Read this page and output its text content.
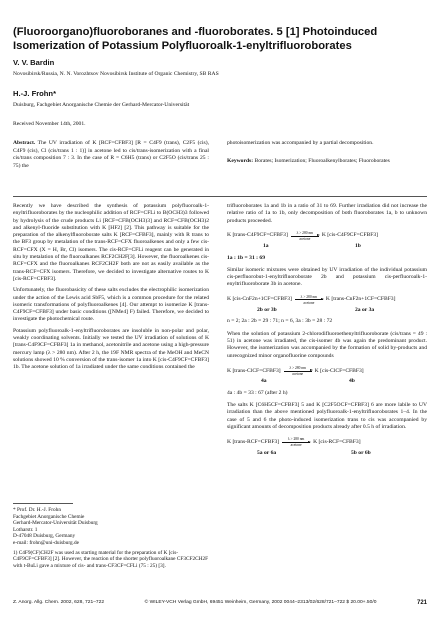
(Fluoroorgano)fluoroboranes and -fluoroborates. 5 [1] Photoinduced Isomerization of Potassium Polyfluoroalk-1-enyltrifluoroborates
V. V. Bardin
Novosibirsk/Russia, N. N. Vorozhtsov Novosibirsk Institute of Organic Chemistry, SB RAS
H.-J. Frohn*
Duisburg, Fachgebiet Anorganische Chemie der Gerhard-Mercator-Universität
Received November 14th, 2001.
Abstract. The UV irradiation of K [RCF=CFBF3] [R = C4F9 (trans), C2F5 (cis), C4F9 (cis), Cl (cis/trans 1 : 1)] in acetone led to cis/trans-isomerization with a final cis/trans composition 7 : 3. In the case of R = C6H5 (trans) or C2F5O (cis/trans 25 : 75) the
photoisomerization was accompanied by a partial decomposition.
Keywords: Borates; Isomerization; Fluoroalkenylborates; Fluoroborates

Recently we have described the synthesis of potassium polyfluoroalk-1-enyltrifluoroborates by the nucleophilic addition of RCF=CFLi to B(OCH3)3 followed by hydrolysis of the crude products Li [RCF=CFB(OCH3)3] and RCF=CFB(OCH3)2 and alkenyl-fluoride substitution with K [HF2] [2]. This pathway is suitable for the preparation of the alkenylfluoroborate salts K [RCF=CFBF3], mainly with R trans to the BF3 group by metalation of the trans-RCF=CFX fluoroalkenes and only a few cis-RCF=CFX (X = H, Br, Cl) isomers. The cis-RCF=CFLi reagent can be generated in situ by metalation of the fluoroalkanes RCF2CH2F[3]. However, the fluoroalkenes cis-RCF=CFX and the fluoroalkanes RCF2CH2F both are not as easily available as the trans-RCF=CFX isomers. Therefore, we decided to investigate alternative routes to K [cis-RCF=CFBF3].

Unfortunately, the fluorobasicity of these salts excludes the electrophilic isomerization under the action of the Lewis acid SbF5, which is a common procedure for the related isomeric transformations of polyfluoroalkenes [4]. Our attempt to isomerize K [trans-C4F9CF=CFBF3] under basic conditions ([NMe4] F) failed. Therefore, we decided to investigate the photochemical route.

Potassium polyfluoroalk-1-enyltrifluoroborates are insoluble in non-polar and polar, weakly coordinating solvents. Initially we tested the UV irradiation of solutions of K [trans-C4F9CF=CFBF3] 1a in methanol, acetonitrile and acetone using a high-pressure mercury lamp (λ > 280 nm). After 2 h, the 19F NMR spectra of the MeOH and MeCN solutions showed 10 % conversion of the trans-isomer 1a into K [cis-C4F9CF=CFBF3] 1b. The acetone solution of 1a irradiated under the same conditions contained the

* Prof. Dr. H.-J. Frohn
Fachgebiet Anorganische Chemie
Gerhard-Mercator-Universität Duisburg
Lotharstr. 1
D-47048 Duisburg, Germany
e-mail: frohn@uni-duisburg.de

1) C4F9(CF)CH2F was used as starting material for the preparation of K [cis-C4F9CF=CFBF3] [2]. However, the reaction of the shorter polyfluoroalkane CF3CF2CH2F with t-BuLi gave a mixture of cis- and trans-CF3CF=CFLi (75 : 25) [3].

trifluoroborates 1a and 1b in a ratio of 31 to 69. Further irradiation did not increase the relative ratio of 1a to 1b, only decomposition of both fluoroborates 1a, b to unknown products proceeded.

K [trans-C4F9CF=CFBF3] λ > 280 nm
acetone
K [cis-C4F9CF=CFBF3]
1a	1b
1a : 1b = 31 : 69

Similar isomeric mixtures were obtained by UV irradiation of the individual potassium cis-perfluorobut-1-enyltrifluoroborate 2b and potassium cis-perfluoroalk-1-enyltrifluoroborate 3b in acetone.

K [cis-CnF2n+1CF=CFBF3] λ > 280 nm
acetone
K [trans-CnF2n+1CF=CFBF3]
2b or 3b	2a or 3a
n = 2; 2a : 2b = 29 : 71; n = 6, 3a : 3b = 28 : 72

When the solution of potassium 2-chlorodifluoroethenyltrifluoroborate (cis/trans = 49 : 51) in acetone was irradiated, the cis-isomer 4b was again the predominant product. However, the isomerization was accompanied by the formation of solid by-products and unrecognized minor organofluorine compounds

K [trans-ClCF=CFBF3] λ > 280 nm
acetone
K [cis-ClCF=CFBF3]
4a	4b
4a : 4b = 33 : 67 (after 2 h)

The salts K [C6H5CF=CFBF3] 5 and K [C2F5OCF=CFBF3] 6 are more labile to UV irradiation than the above mentioned polyfluoroalk-1-enyltrifluoroborates 1–4. In the case of 5 and 6 the photo-induced isomerization trans to cis was accompanied by significant amounts of decomposition products already after 0.5 h of irradiation.

K [trans-RCF=CFBF3] λ > 280 nm
acetone
K [cis-RCF=CFBF3]
5a or 6a	5b or 6b
Z. Anorg. Allg. Chem. 2002, 628, 721–722	© WILEY-VCH Verlag GmbH, 69451 Weinheim, Germany, 2002 0044–2313/02/628/721–722 $ 20.00+.50/0	721
